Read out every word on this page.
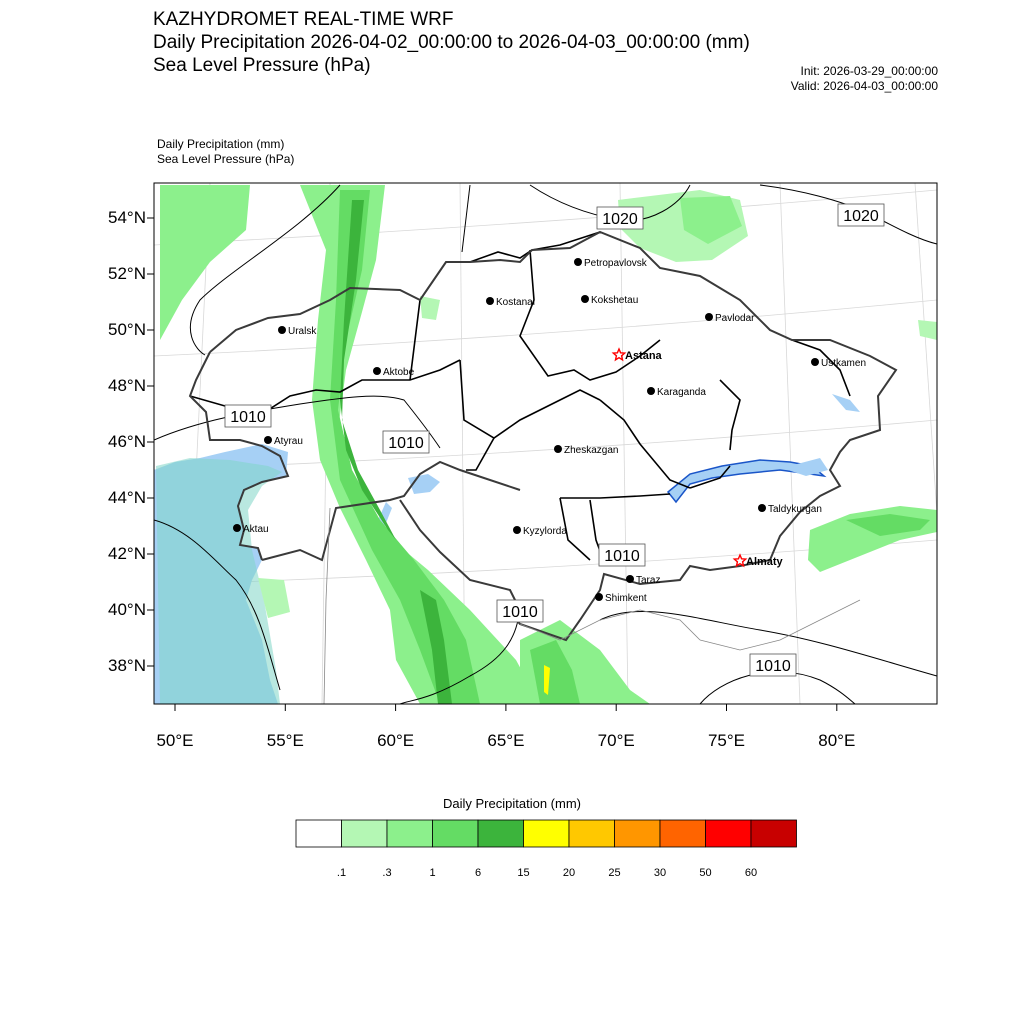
KAZHYDROMET REAL-TIME WRF
Daily Precipitation 2026-04-02_00:00:00 to 2026-04-03_00:00:00 (mm)
Sea Level Pressure (hPa)	Init: 2026-03-29_00:00:00
Valid: 2026-04-03_00:00:00
Daily Precipitation (mm)
Sea Level Pressure (hPa)
1020	1020
1010
1010
1010
1010
1010
Uralsk
Aktobe
Atyrau
Aktau
Kostanai
Petropavlovsk
Kokshetau
Pavlodar
Astana
Karaganda
Ustkamen
Zheskazgan
Kyzylorda
Taldykurgan
Almaty
Taraz
Shimkent
54°N
52°N
50°N
48°N
46°N
44°N
42°N
40°N
38°N
50°E	55°E	60°E	65°E	70°E	75°E	80°E
Daily Precipitation (mm)
.1	.3	1	6	15	20	25	30	50	60
